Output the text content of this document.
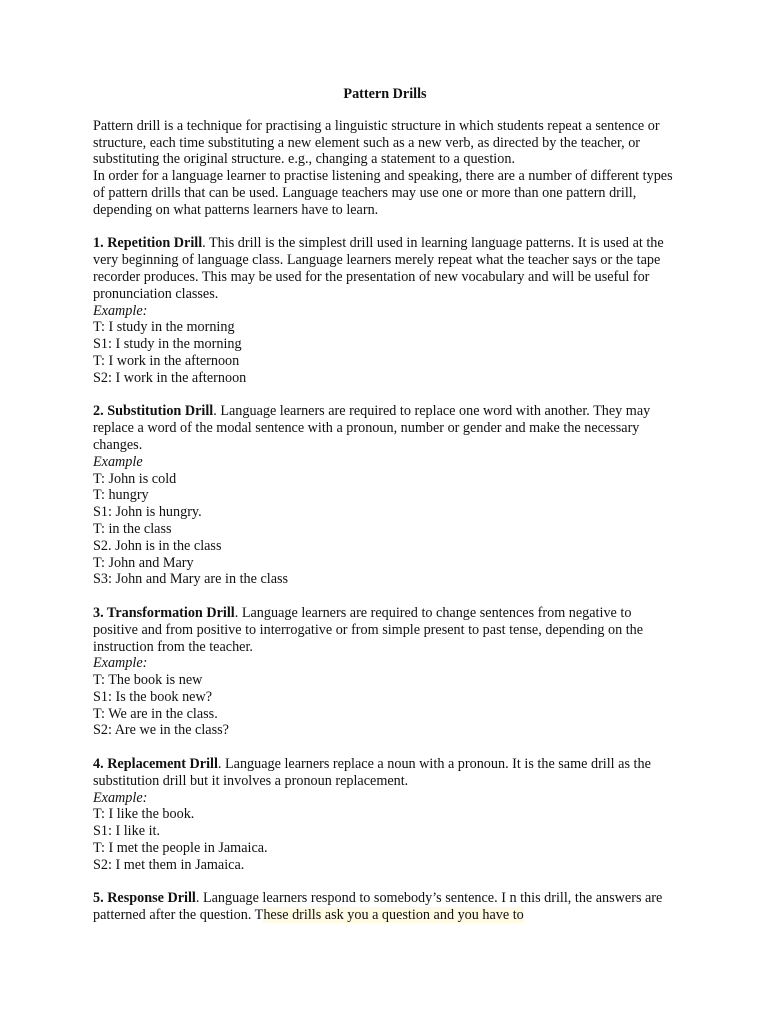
Pattern Drills

Pattern drill is a technique for practising a linguistic structure in which students repeat a sentence or structure, each time substituting a new element such as a new verb, as directed by the teacher, or substituting the original structure. e.g., changing a statement to a question.

In order for a language learner to practise listening and speaking, there are a number of different types of pattern drills that can be used. Language teachers may use one or more than one pattern drill, depending on what patterns learners have to learn.

1. Repetition Drill. This drill is the simplest drill used in learning language patterns. It is used at the very beginning of language class. Language learners merely repeat what the teacher says or the tape recorder produces. This may be used for the presentation of new vocabulary and will be useful for pronunciation classes.

Example:
T: I study in the morning
S1: I study in the morning
T: I work in the afternoon
S2: I work in the afternoon

2. Substitution Drill. Language learners are required to replace one word with another. They may replace a word of the modal sentence with a pronoun, number or gender and make the necessary changes.

Example
T: John is cold
T: hungry
S1: John is hungry.
T: in the class
S2. John is in the class
T: John and Mary
S3: John and Mary are in the class

3. Transformation Drill. Language learners are required to change sentences from negative to positive and from positive to interrogative or from simple present to past tense, depending on the instruction from the teacher.

Example:
T: The book is new
S1: Is the book new?
T: We are in the class.
S2: Are we in the class?

4. Replacement Drill. Language learners replace a noun with a pronoun. It is the same drill as the substitution drill but it involves a pronoun replacement.

Example:
T: I like the book.
S1: I like it.
T: I met the people in Jamaica.
S2: I met them in Jamaica.

5. Response Drill. Language learners respond to somebody’s sentence. I n this drill, the answers are patterned after the question. These drills ask you a question and you have to
